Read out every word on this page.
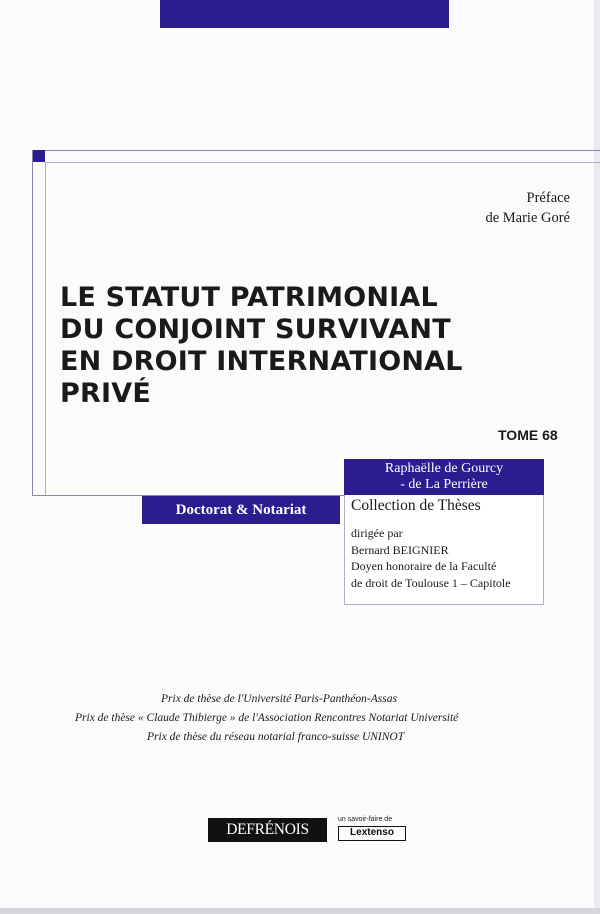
Préface
de Marie Goré
LE STATUT PATRIMONIAL
DU CONJOINT SURVIVANT
EN DROIT INTERNATIONAL
PRIVÉ
TOME 68
Raphaëlle de Gourcy
- de La Perrière
Doctorat & Notariat	Collection de Thèses
dirigée par
Bernard BEIGNIER
Doyen honoraire de la Faculté
de droit de Toulouse 1 – Capitole
Prix de thèse de l'Université Paris-Panthéon-Assas
Prix de thèse « Claude Thibierge » de l'Association Rencontres Notariat Université
Prix de thèse du réseau notarial franco-suisse UNINOT
DEFRÉNOIS
un savoir-faire de
Lextenso
